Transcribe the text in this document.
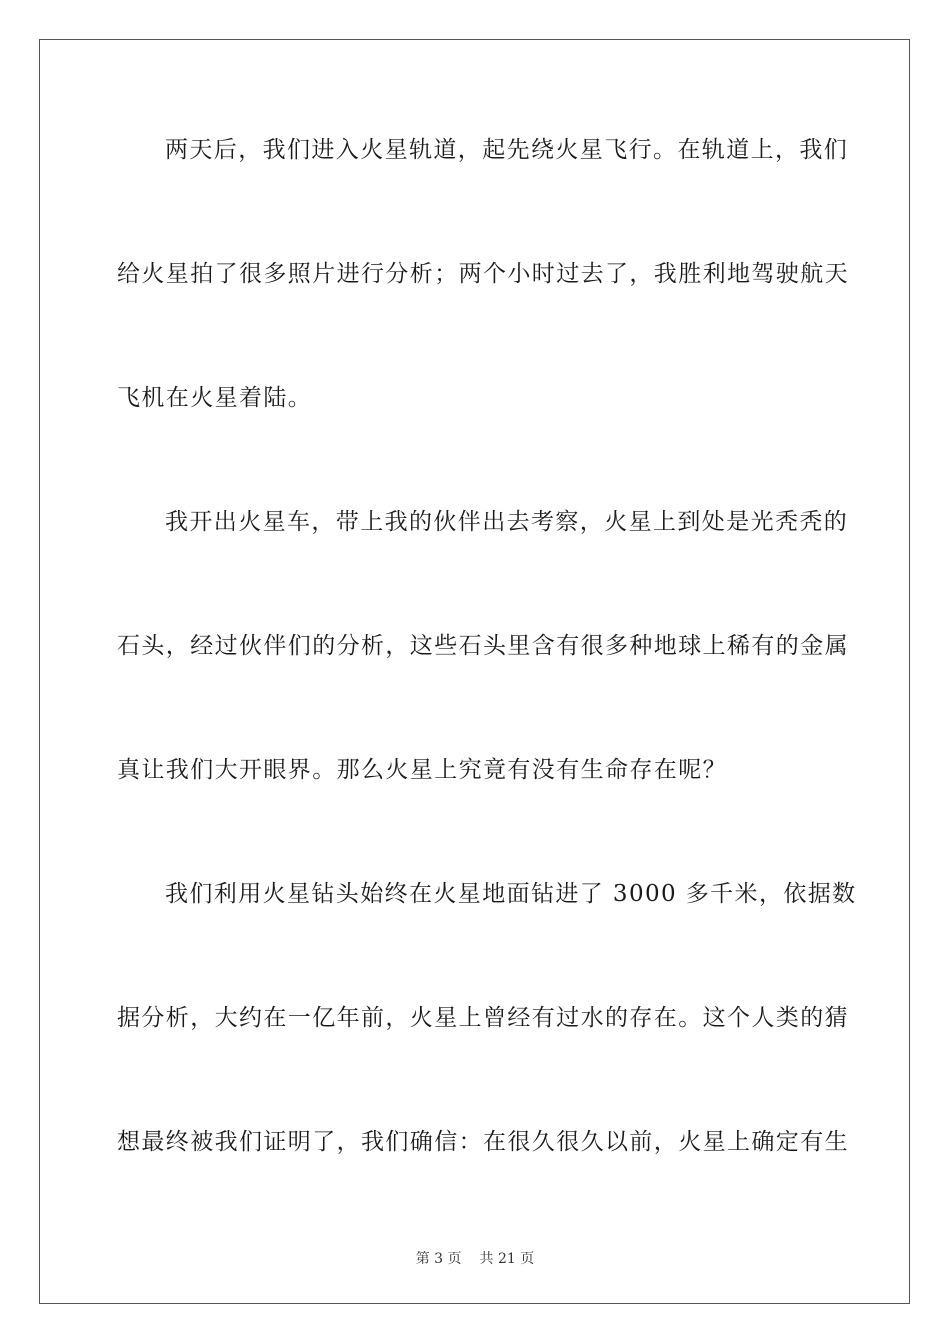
两天后，我们进入火星轨道，起先绕火星飞行。在轨道上，我们
给火星拍了很多照片进行分析；两个小时过去了，我胜利地驾驶航天
飞机在火星着陆。
我开出火星车，带上我的伙伴出去考察，火星上到处是光秃秃的
石头，经过伙伴们的分析，这些石头里含有很多种地球上稀有的金属
真让我们大开眼界。那么火星上究竟有没有生命存在呢？
我们利用火星钻头始终在火星地面钻进了 3000 多千米，依据数
据分析，大约在一亿年前，火星上曾经有过水的存在。这个人类的猜
想最终被我们证明了，我们确信：在很久很久以前，火星上确定有生
第 3 页 共 21 页
